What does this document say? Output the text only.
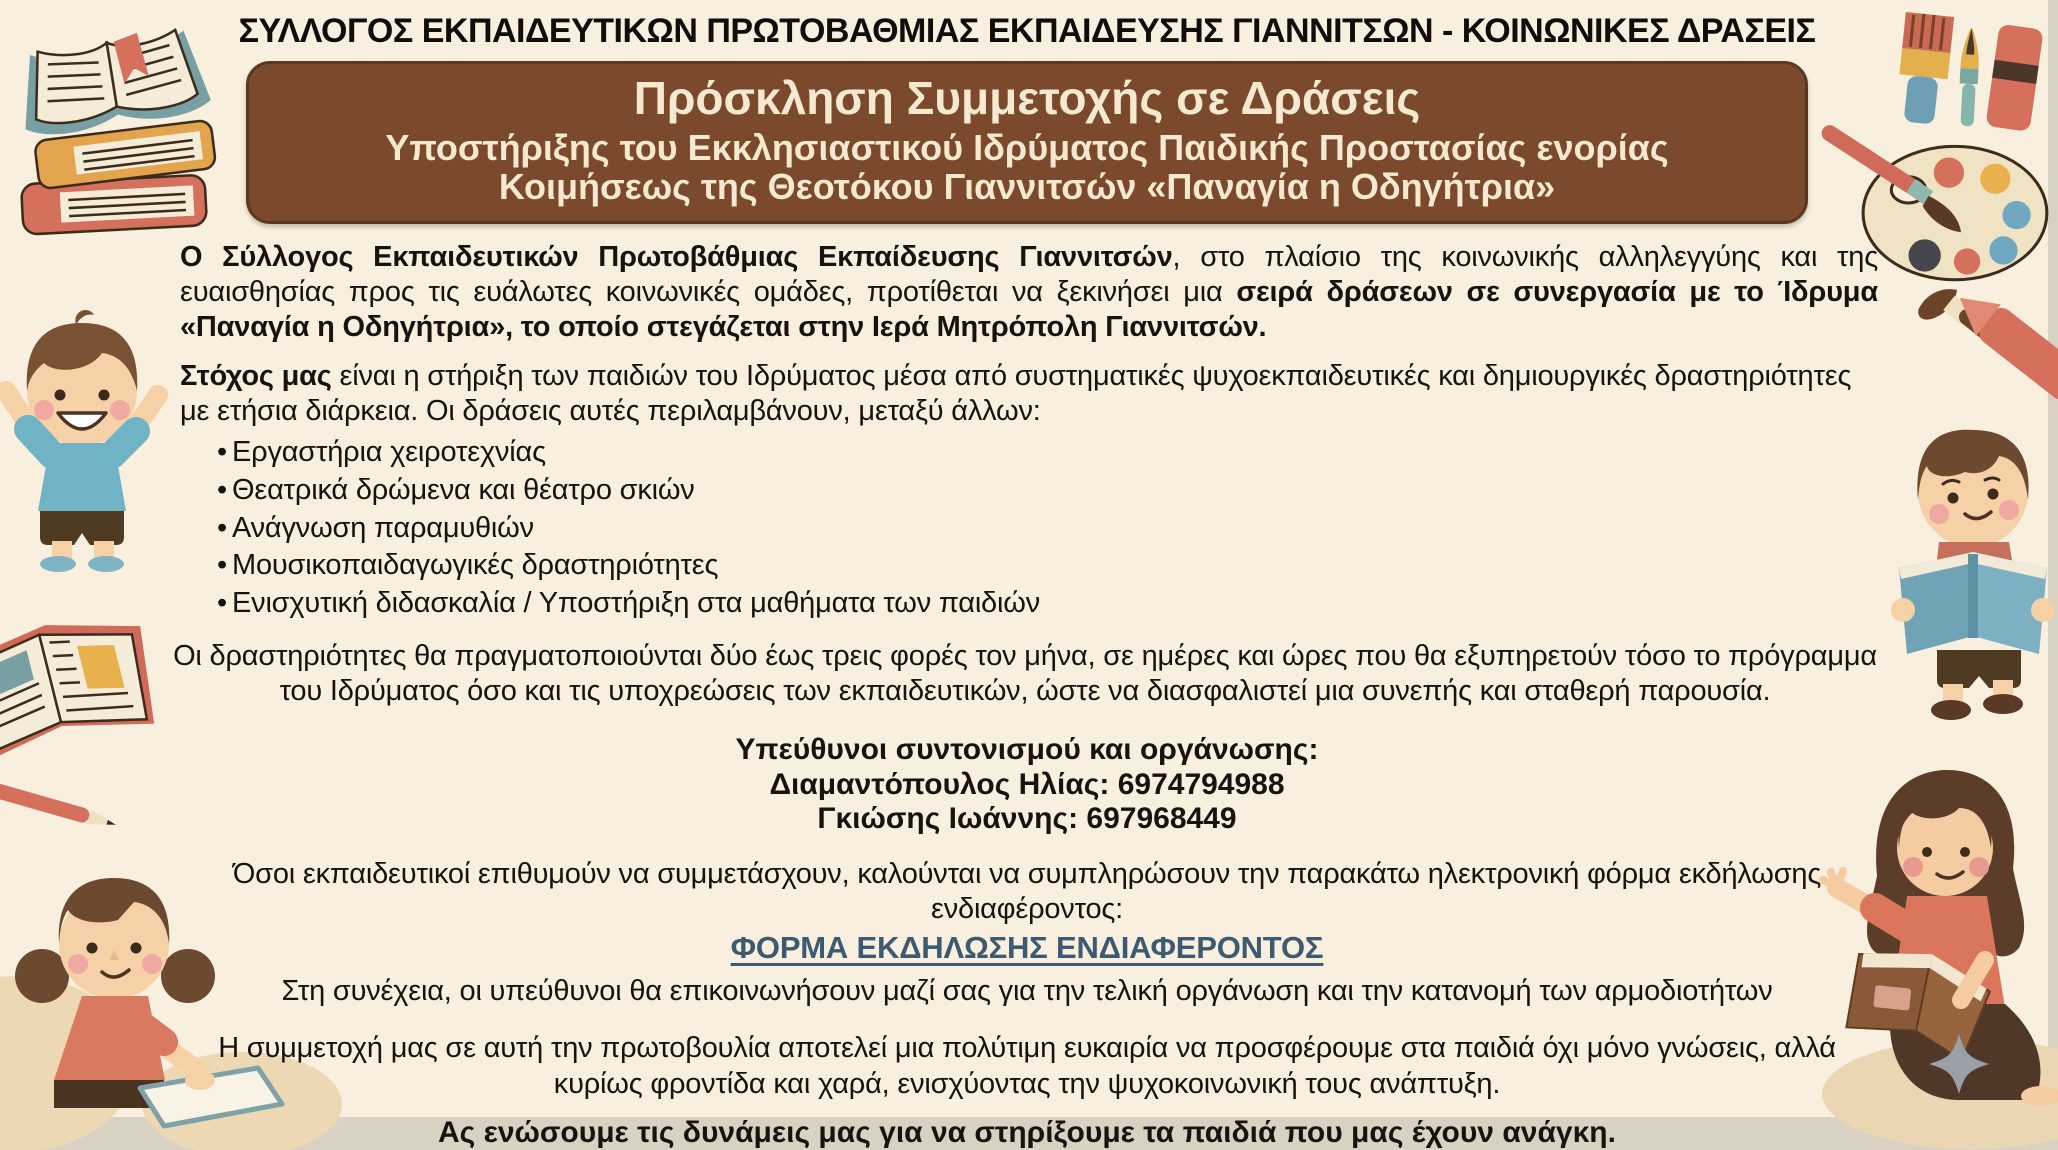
ΣΥΛΛΟΓΟΣ ΕΚΠΑΙΔΕΥΤΙΚΩΝ ΠΡΩΤΟΒΑΘΜΙΑΣ ΕΚΠΑΙΔΕΥΣΗΣ ΓΙΑΝΝΙΤΣΩΝ - ΚΟΙΝΩΝΙΚΕΣ ΔΡΑΣΕΙΣ

Πρόσκληση Συμμετοχής σε Δράσεις

Υποστήριξης του Εκκλησιαστικού Ιδρύματος Παιδικής Προστασίας ενορίας

Κοιμήσεως της Θεοτόκου Γιαννιτσών «Παναγία η Οδηγήτρια»

Ο Σύλλογος Εκπαιδευτικών Πρωτοβάθμιας Εκπαίδευσης Γιαννιτσών, στο πλαίσιο της κοινωνικής αλληλεγγύης και της ευαισθησίας προς τις ευάλωτες κοινωνικές ομάδες, προτίθεται να ξεκινήσει μια σειρά δράσεων σε συνεργασία με το Ίδρυμα «Παναγία η Οδηγήτρια», το οποίο στεγάζεται στην Ιερά Μητρόπολη Γιαννιτσών.

Στόχος μας είναι η στήριξη των παιδιών του Ιδρύματος μέσα από συστηματικές ψυχοεκπαιδευτικές και δημιουργικές δραστηριότητες με ετήσια διάρκεια. Οι δράσεις αυτές περιλαμβάνουν, μεταξύ άλλων:

• Εργαστήρια χειροτεχνίας
• Θεατρικά δρώμενα και θέατρο σκιών
• Ανάγνωση παραμυθιών
• Μουσικοπαιδαγωγικές δραστηριότητες
• Ενισχυτική διδασκαλία / Υποστήριξη στα μαθήματα των παιδιών

Οι δραστηριότητες θα πραγματοποιούνται δύο έως τρεις φορές τον μήνα, σε ημέρες και ώρες που θα εξυπηρετούν τόσο το πρόγραμμα του Ιδρύματος όσο και τις υποχρεώσεις των εκπαιδευτικών, ώστε να διασφαλιστεί μια συνεπής και σταθερή παρουσία.

Υπεύθυνοι συντονισμού και οργάνωσης:
Διαμαντόπουλος Ηλίας: 6974794988
Γκιώσης Ιωάννης: 697968449

Όσοι εκπαιδευτικοί επιθυμούν να συμμετάσχουν, καλούνται να συμπληρώσουν την παρακάτω ηλεκτρονική φόρμα εκδήλωσης ενδιαφέροντος:

ΦΟΡΜΑ ΕΚΔΗΛΩΣΗΣ ΕΝΔΙΑΦΕΡΟΝΤΟΣ

Στη συνέχεια, οι υπεύθυνοι θα επικοινωνήσουν μαζί σας για την τελική οργάνωση και την κατανομή των αρμοδιοτήτων

Η συμμετοχή μας σε αυτή την πρωτοβουλία αποτελεί μια πολύτιμη ευκαιρία να προσφέρουμε στα παιδιά όχι μόνο γνώσεις, αλλά κυρίως φροντίδα και χαρά, ενισχύοντας την ψυχοκοινωνική τους ανάπτυξη.

Ας ενώσουμε τις δυνάμεις μας για να στηρίξουμε τα παιδιά που μας έχουν ανάγκη.
